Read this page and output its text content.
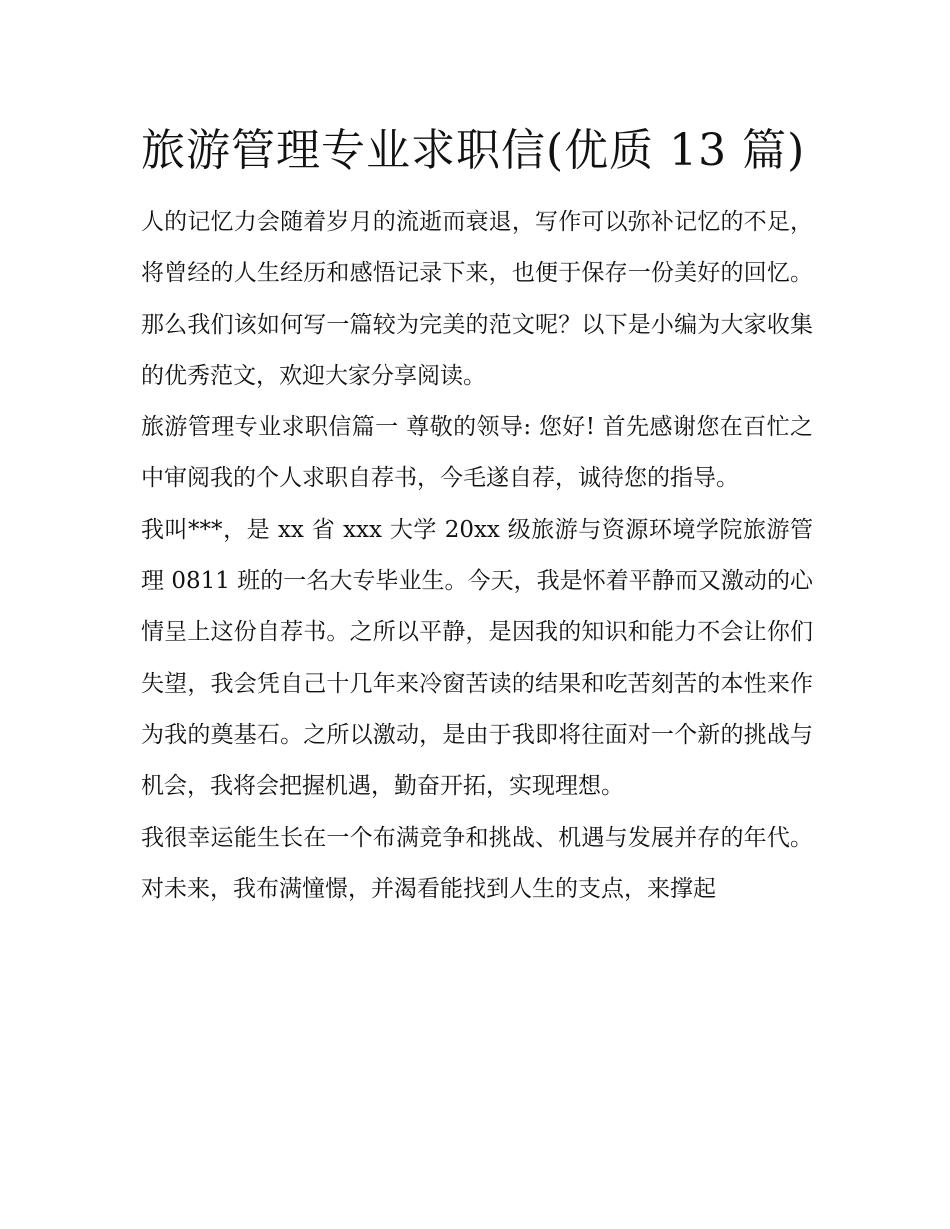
旅游管理专业求职信(优质 13 篇)

人的记忆力会随着岁月的流逝而衰退，写作可以弥补记忆的不足，将曾经的人生经历和感悟记录下来，也便于保存一份美好的回忆。那么我们该如何写一篇较为完美的范文呢？以下是小编为大家收集的优秀范文，欢迎大家分享阅读。

旅游管理专业求职信篇一 尊敬的领导: 您好! 首先感谢您在百忙之中审阅我的个人求职自荐书，今毛遂自荐，诚待您的指导。

我叫***，是 xx 省 xxx 大学 20xx 级旅游与资源环境学院旅游管理 0811 班的一名大专毕业生。今天，我是怀着平静而又激动的心情呈上这份自荐书。之所以平静，是因我的知识和能力不会让你们失望，我会凭自己十几年来冷窗苦读的结果和吃苦刻苦的本性来作为我的奠基石。之所以激动，是由于我即将往面对一个新的挑战与机会，我将会把握机遇，勤奋开拓，实现理想。

我很幸运能生长在一个布满竞争和挑战、机遇与发展并存的年代。对未来，我布满憧憬，并渴看能找到人生的支点，来撑起
